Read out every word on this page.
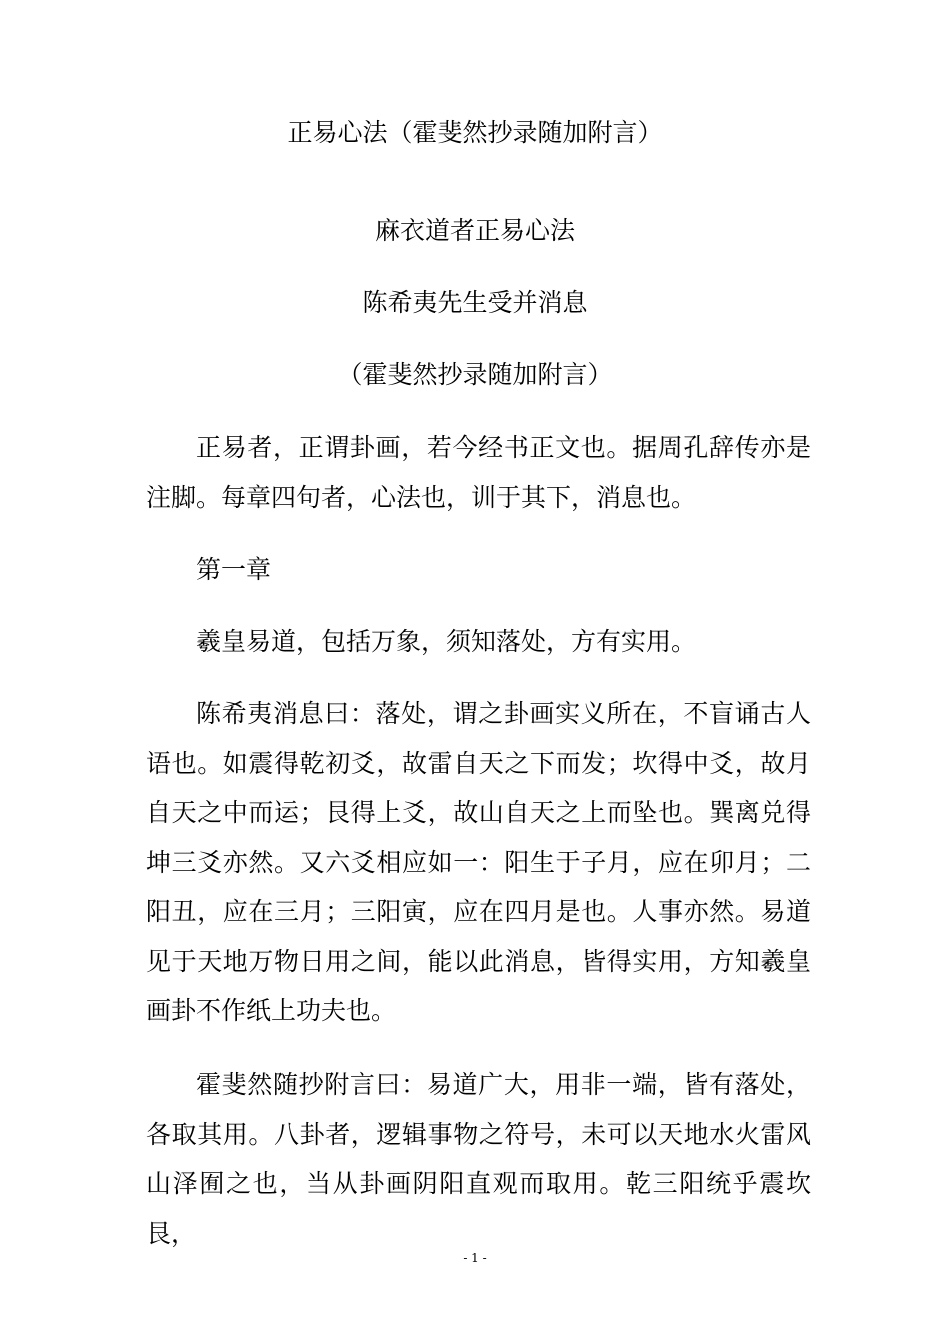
正易心法（霍斐然抄录随加附言）
麻衣道者正易心法
陈希夷先生受并消息
（霍斐然抄录随加附言）

正易者，正谓卦画，若今经书正文也。据周孔辞传亦是注脚。每章四句者，心法也，训于其下，消息也。

第一章

羲皇易道，包括万象，须知落处，方有实用。

陈希夷消息曰：落处，谓之卦画实义所在，不盲诵古人语也。如震得乾初爻，故雷自天之下而发；坎得中爻，故月自天之中而运；艮得上爻，故山自天之上而坠也。巽离兑得坤三爻亦然。又六爻相应如一：阳生于子月，应在卯月；二阳丑，应在三月；三阳寅，应在四月是也。人事亦然。易道见于天地万物日用之间，能以此消息，皆得实用，方知羲皇画卦不作纸上功夫也。

霍斐然随抄附言曰：易道广大，用非一端，皆有落处，各取其用。八卦者，逻辑事物之符号，未可以天地水火雷风山泽囿之也，当从卦画阴阳直观而取用。乾三阳统乎震坎艮，

- 1 -
